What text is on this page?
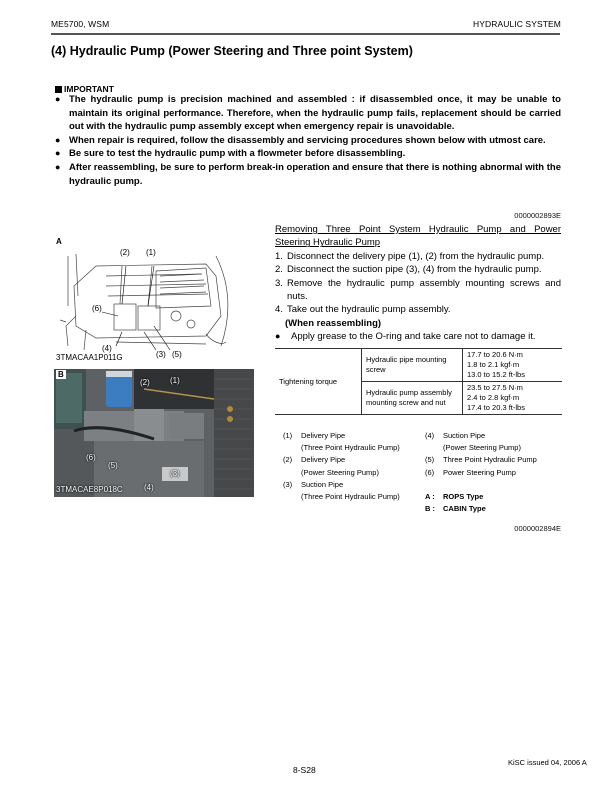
ME5700, WSM	HYDRAULIC SYSTEM
(4) Hydraulic Pump (Power Steering and Three point System)
IMPORTANT
● The hydraulic pump is precision machined and assembled : if disassembled once, it may be unable to maintain its original performance. Therefore, when the hydraulic pump fails, replacement should be carried out with the hydraulic pump assembly except when emergency repair is unavoidable.
● When repair is required, follow the disassembly and servicing procedures shown below with utmost care.
● Be sure to test the hydraulic pump with a flowmeter before disassembling.
● After reassembling, be sure to perform break-in operation and ensure that there is nothing abnormal with the hydraulic pump.
0000002893E
A
(2) (1)
(6)
(4)
(3) (5)
3TMACAA1P011G
B
(2)	(1)
(6)
(5)
(3)
(4)
3TMACAE8P018C
Removing Three Point System Hydraulic Pump and Power
Steering Hydraulic Pump
1. Disconnect the delivery pipe (1), (2) from the hydraulic pump.
2. Disconnect the suction pipe (3), (4) from the hydraulic pump.
3. Remove the hydraulic pump assembly mounting screws and nuts.
4. Take out the hydraulic pump assembly.
(When reassembling)
●	Apply grease to the O-ring and take care not to damage it.
Tightening torque	Hydraulic pipe mounting screw	17.7 to 20.6 N·m
1.8 to 2.1 kgf·m
13.0 to 15.2 ft-lbs

	Hydraulic pump assembly mounting screw and nut	23.5 to 27.5 N·m
2.4 to 2.8 kgf·m
17.4 to 20.3 ft-lbs
(1)	Delivery Pipe	(4)	Suction Pipe
(Three Point Hydraulic Pump)	(Power Steering Pump)
(2)	Delivery Pipe	(5)	Three Point Hydraulic Pump
(Power Steering Pump)	(6)	Power Steering Pump
(3)	Suction Pipe
(Three Point Hydraulic Pump)	A :	ROPS Type
B :	CABIN Type
0000002894E
KiSC issued 04, 2006 A
8-S28
